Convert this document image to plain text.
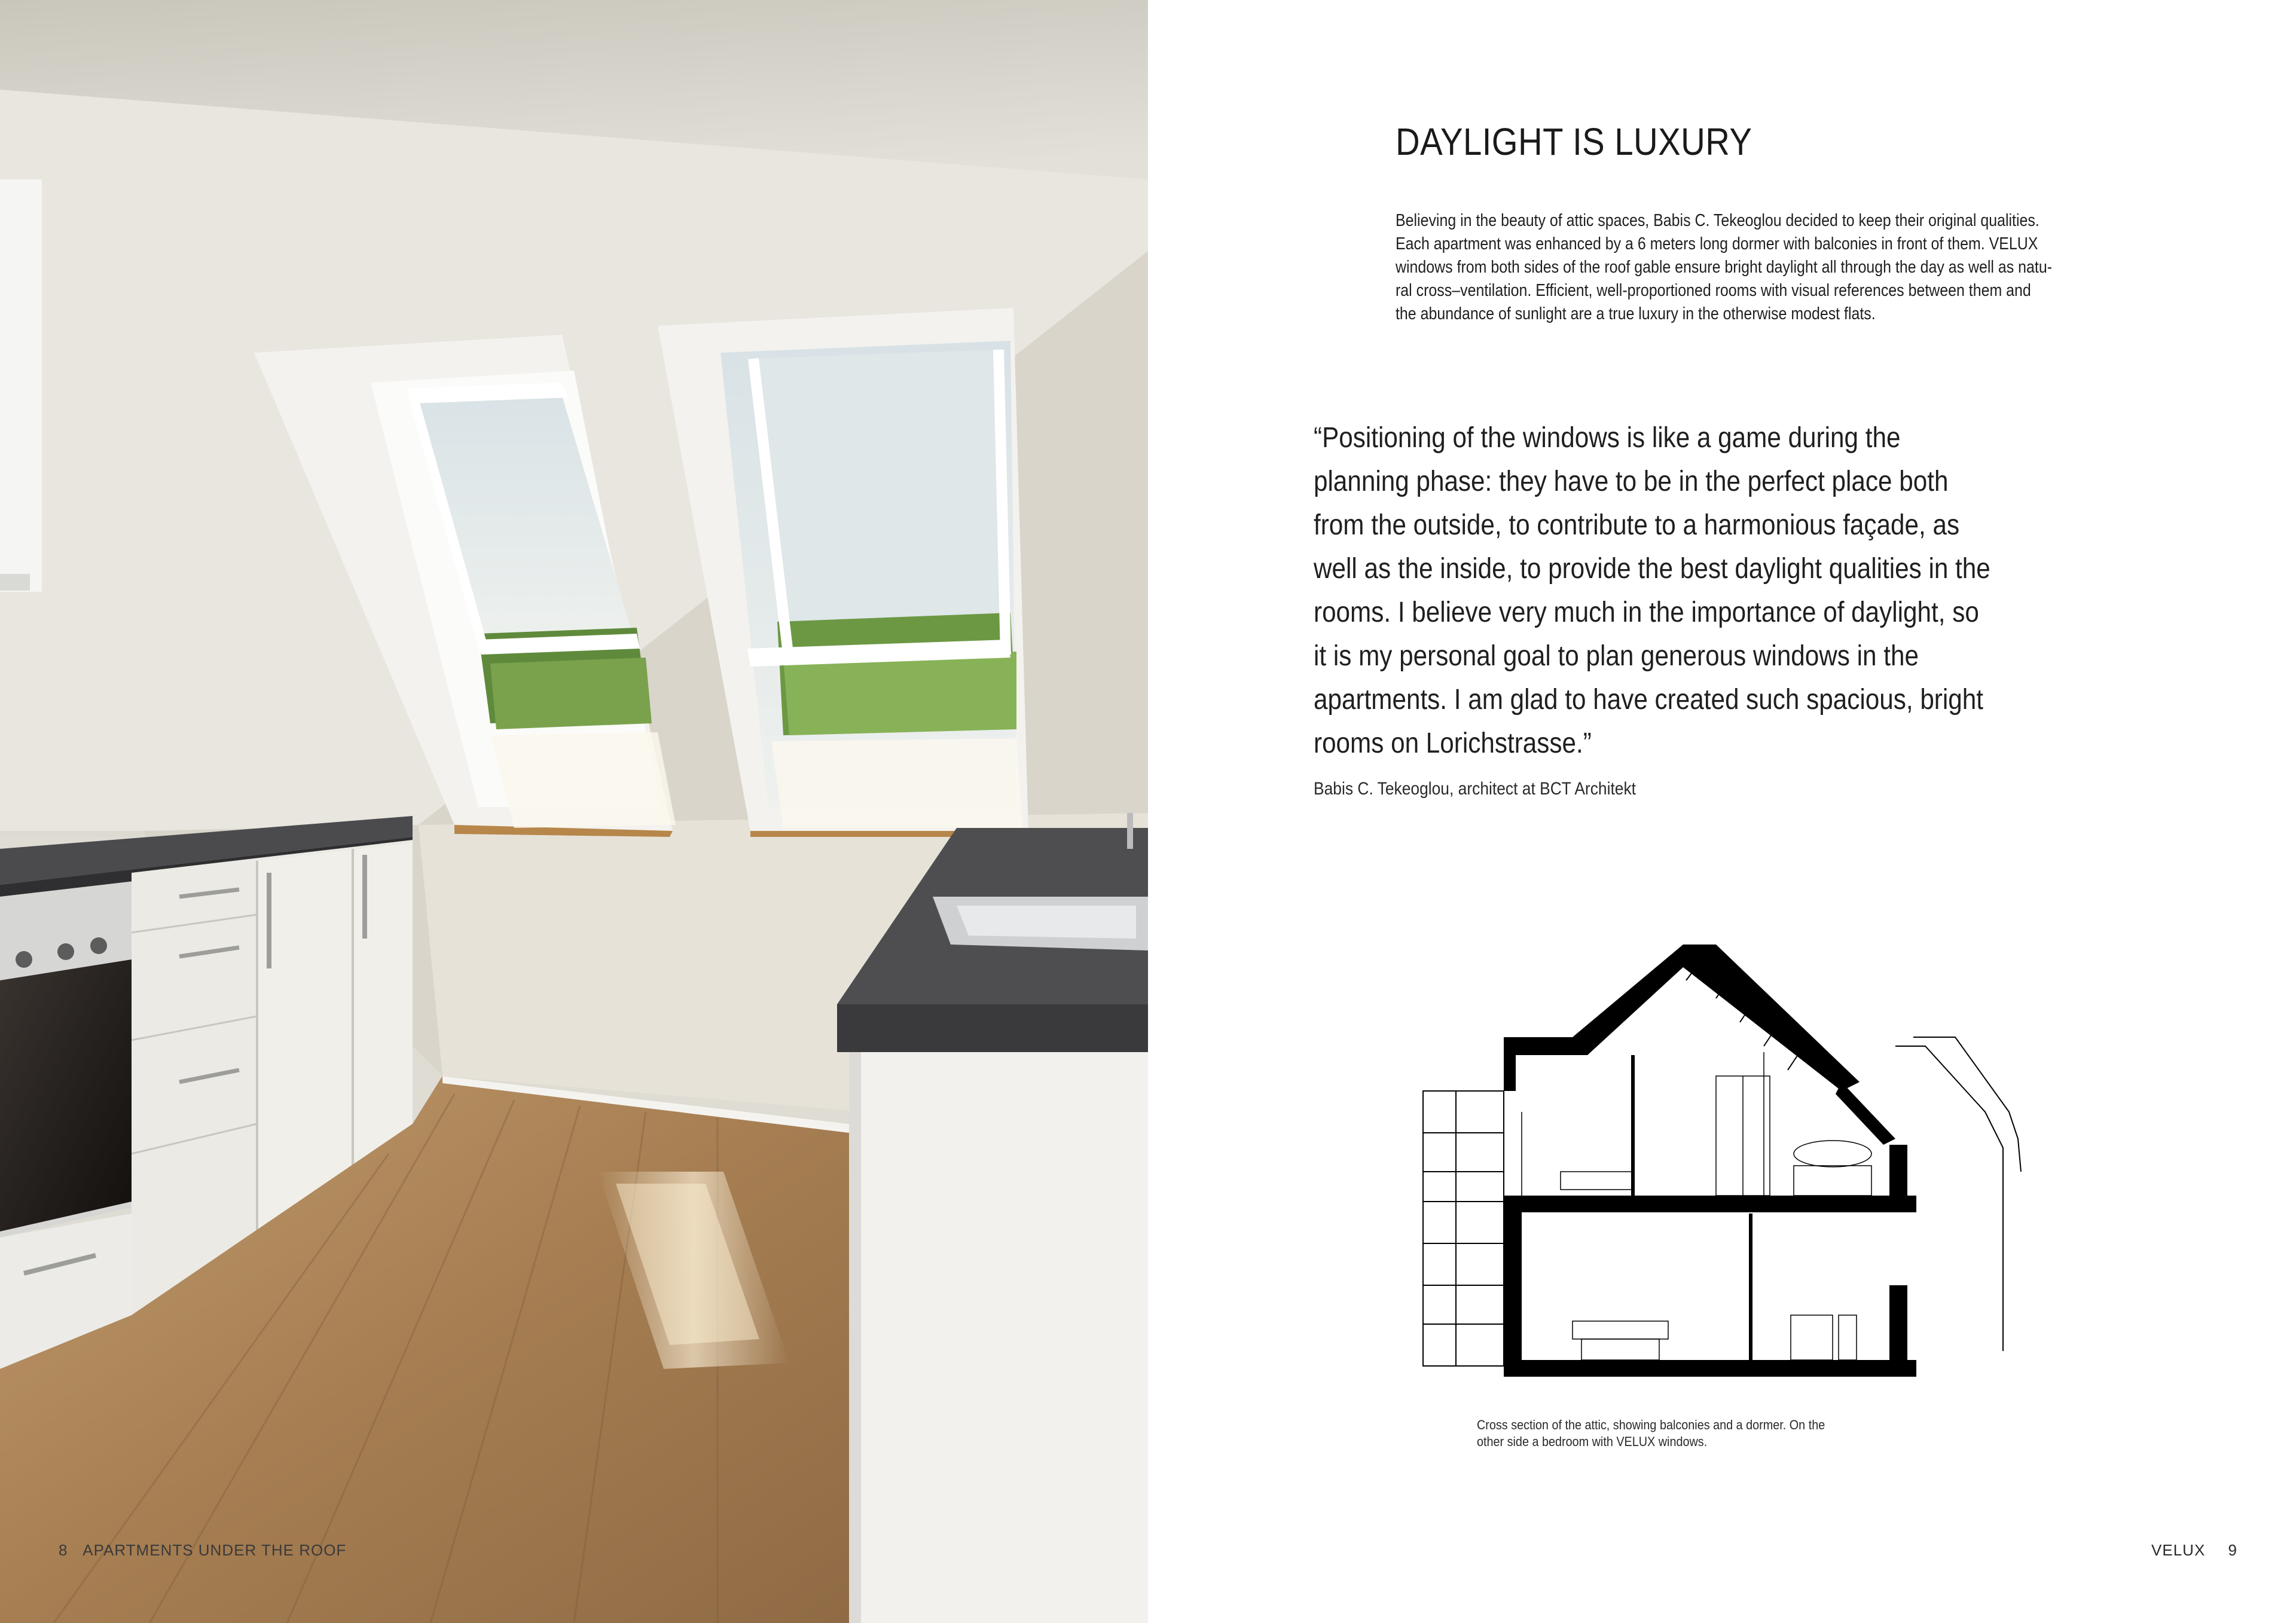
8 APARTMENTS UNDER THE ROOF
DAYLIGHT IS LUXURY

Believing in the beauty of attic spaces, Babis C. Tekeoglou decided to keep their original qualities.

Each apartment was enhanced by a 6 meters long dormer with balconies in front of them. VELUX windows from both sides of the roof gable ensure bright daylight all through the day as well as natu-ral cross–ventilation. Efficient, well-proportioned rooms with visual references between them and the abundance of sunlight are a true luxury in the otherwise modest flats.

“Positioning of the windows is like a game during the planning phase: they have to be in the perfect place both from the outside, to contribute to a harmonious façade, as well as the inside, to provide the best daylight qualities in the rooms. I believe very much in the importance of daylight, so it is my personal goal to plan generous windows in the apartments. I am glad to have created such spacious, bright rooms on Lorichstrasse.”

Babis C. Tekeoglou, architect at BCT Architekt

Cross section of the attic, showing balconies and a dormer. On the

other side a bedroom with VELUX windows.

VELUX 9
